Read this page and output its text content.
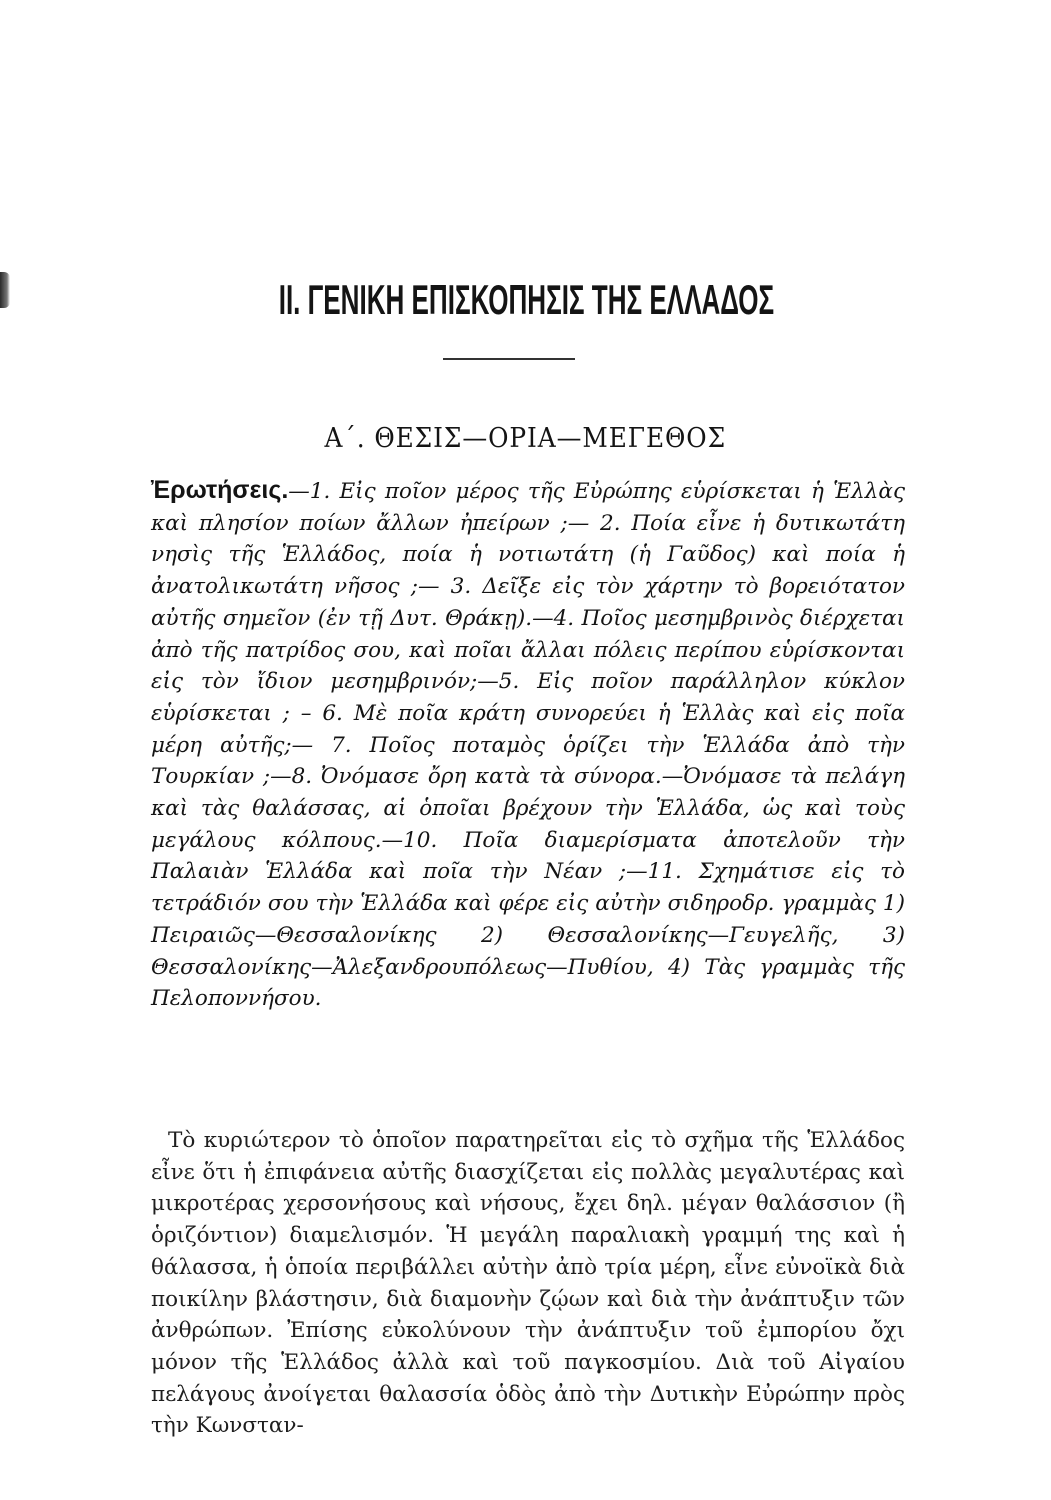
ΙΙ. ΓΕΝΙΚΗ ΕΠΙΣΚΟΠΗΣΙΣ ΤΗΣ ΕΛΛΑΔΟΣ
Α΄. ΘΕΣΙΣ—ΟΡΙΑ—ΜΕΓΕΘΟΣ
Ἐρωτήσεις.—1. Εἰς ποῖον μέρος τῆς Εὐρώπης εὑρίσκεται ἡ Ἑλλὰς καὶ πλησίον ποίων ἄλλων ἠπείρων ;— 2. Ποία εἶνε ἡ δυτικωτάτη νησὶς τῆς Ἑλλάδος, ποία ἡ νοτιωτάτη (ἡ Γαῦδος) καὶ ποία ἡ ἀνατολικωτάτη νῆσος ;— 3. Δεῖξε εἰς τὸν χάρτην τὸ βορειότατον αὐτῆς σημεῖον (ἐν τῇ Δυτ. Θράκῃ).—4. Ποῖος μεσημβρινὸς διέρχεται ἀπὸ τῆς πατρίδος σου, καὶ ποῖαι ἄλλαι πόλεις περίπου εὑρίσκονται εἰς τὸν ἴδιον μεσημβρινόν;—5. Εἰς ποῖον παράλληλον κύκλον εὑρίσκεται ; – 6. Μὲ ποῖα κράτη συνορεύει ἡ Ἑλλὰς καὶ εἰς ποῖα μέρη αὐτῆς;— 7. Ποῖος ποταμὸς ὁρίζει τὴν Ἑλλάδα ἀπὸ τὴν Τουρκίαν ;—8. Ὀνόμασε ὄρη κατὰ τὰ σύνορα.—Ὀνόμασε τὰ πελάγη καὶ τὰς θαλάσσας, αἱ ὁποῖαι βρέχουν τὴν Ἑλλάδα, ὡς καὶ τοὺς μεγάλους κόλπους.—10. Ποῖα διαμερίσματα ἀποτελοῦν τὴν Παλαιὰν Ἑλλάδα καὶ ποῖα τὴν Νέαν ;—11. Σχημάτισε εἰς τὸ τετράδιόν σου τὴν Ἑλλάδα καὶ φέρε εἰς αὐτὴν σιδηροδρ. γραμμὰς 1) Πειραιῶς—Θεσσαλονίκης 2) Θεσσαλονίκης—Γευγελῆς, 3) Θεσσαλονίκης—Ἀλεξανδρουπόλεως—Πυθίου, 4) Τὰς γραμμὰς τῆς Πελοποννήσου.

Τὸ κυριώτερον τὸ ὁποῖον παρατηρεῖται εἰς τὸ σχῆμα τῆς Ἑλλάδος εἶνε ὅτι ἡ ἐπιφάνεια αὐτῆς διασχίζεται εἰς πολλὰς μεγαλυτέρας καὶ μικροτέρας χερσονήσους καὶ νήσους, ἔχει δηλ. μέγαν θαλάσσιον (ἢ ὁριζόντιον) διαμελισμόν. Ἡ μεγάλη παραλιακὴ γραμμή της καὶ ἡ θάλασσα, ἡ ὁποία περιβάλλει αὐτὴν ἀπὸ τρία μέρη, εἶνε εὐνοϊκὰ διὰ ποικίλην βλάστησιν, διὰ διαμονὴν ζῴων καὶ διὰ τὴν ἀνάπτυξιν τῶν ἀνθρώπων. Ἐπίσης εὐκολύνουν τὴν ἀνάπτυξιν τοῦ ἐμπορίου ὄχι μόνον τῆς Ἑλλάδος ἀλλὰ καὶ τοῦ παγκοσμίου. Διὰ τοῦ Αἰγαίου πελάγους ἀνοίγεται θαλασσία ὁδὸς ἀπὸ τὴν Δυτικὴν Εὐρώπην πρὸς τὴν Κωνσταν-
